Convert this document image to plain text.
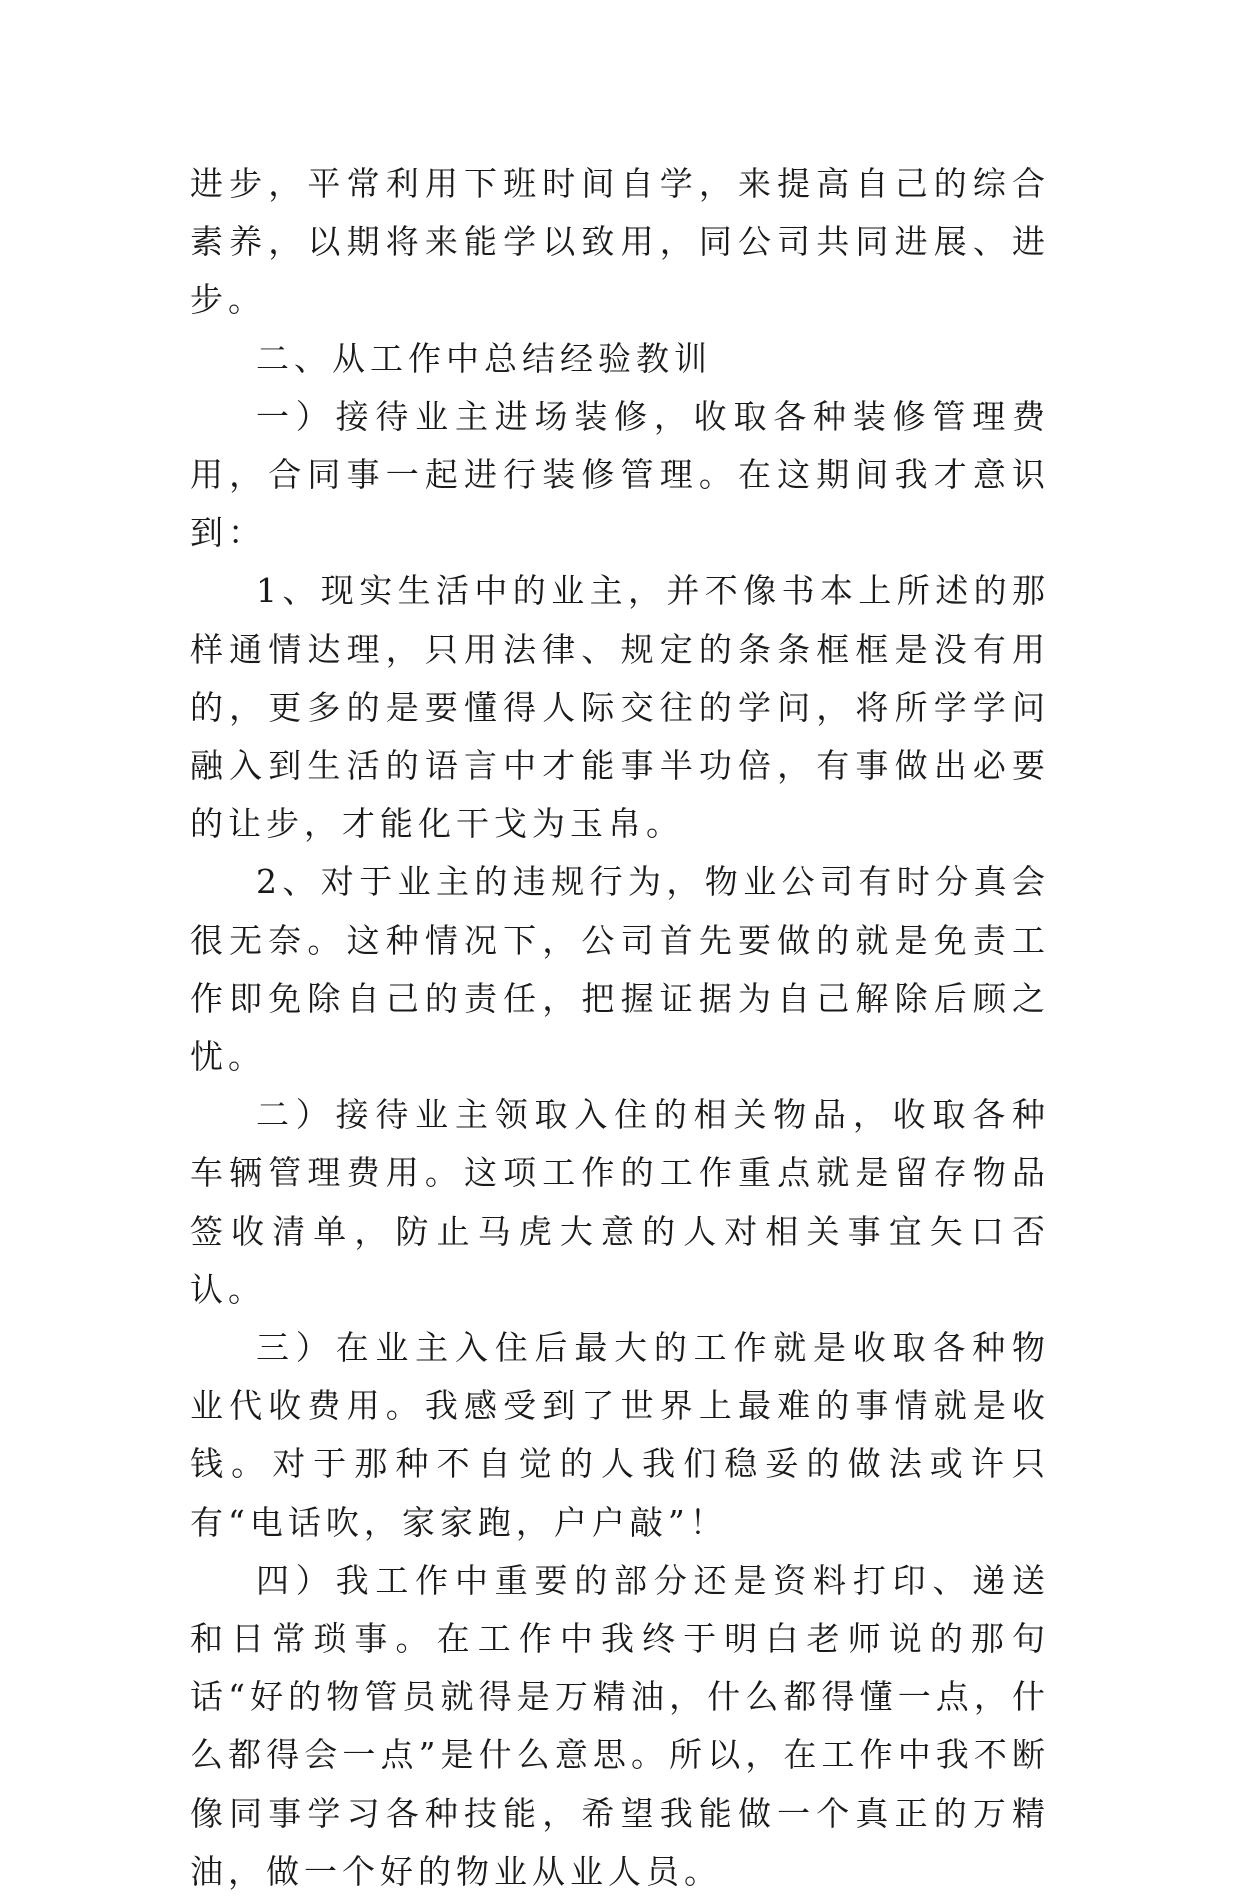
进步，平常利用下班时间自学，来提高自己的综合素养，以期将来能学以致用，同公司共同进展、进步。

二、从工作中总结经验教训

一）接待业主进场装修，收取各种装修管理费用，合同事一起进行装修管理。在这期间我才意识到：

1、现实生活中的业主，并不像书本上所述的那样通情达理，只用法律、规定的条条框框是没有用的，更多的是要懂得人际交往的学问，将所学学问融入到生活的语言中才能事半功倍，有事做出必要的让步，才能化干戈为玉帛。

2、对于业主的违规行为，物业公司有时分真会很无奈。这种情况下，公司首先要做的就是免责工作即免除自己的责任，把握证据为自己解除后顾之忧。

二）接待业主领取入住的相关物品，收取各种车辆管理费用。这项工作的工作重点就是留存物品签收清单，防止马虎大意的人对相关事宜矢口否认。

三）在业主入住后最大的工作就是收取各种物业代收费用。我感受到了世界上最难的事情就是收钱。对于那种不自觉的人我们稳妥的做法或许只有“电话吹，家家跑，户户敲”！

四）我工作中重要的部分还是资料打印、递送和日常琐事。在工作中我终于明白老师说的那句话“好的物管员就得是万精油，什么都得懂一点，什么都得会一点”是什么意思。所以，在工作中我不断像同事学习各种技能，希望我能做一个真正的万精油，做一个好的物业从业人员。
